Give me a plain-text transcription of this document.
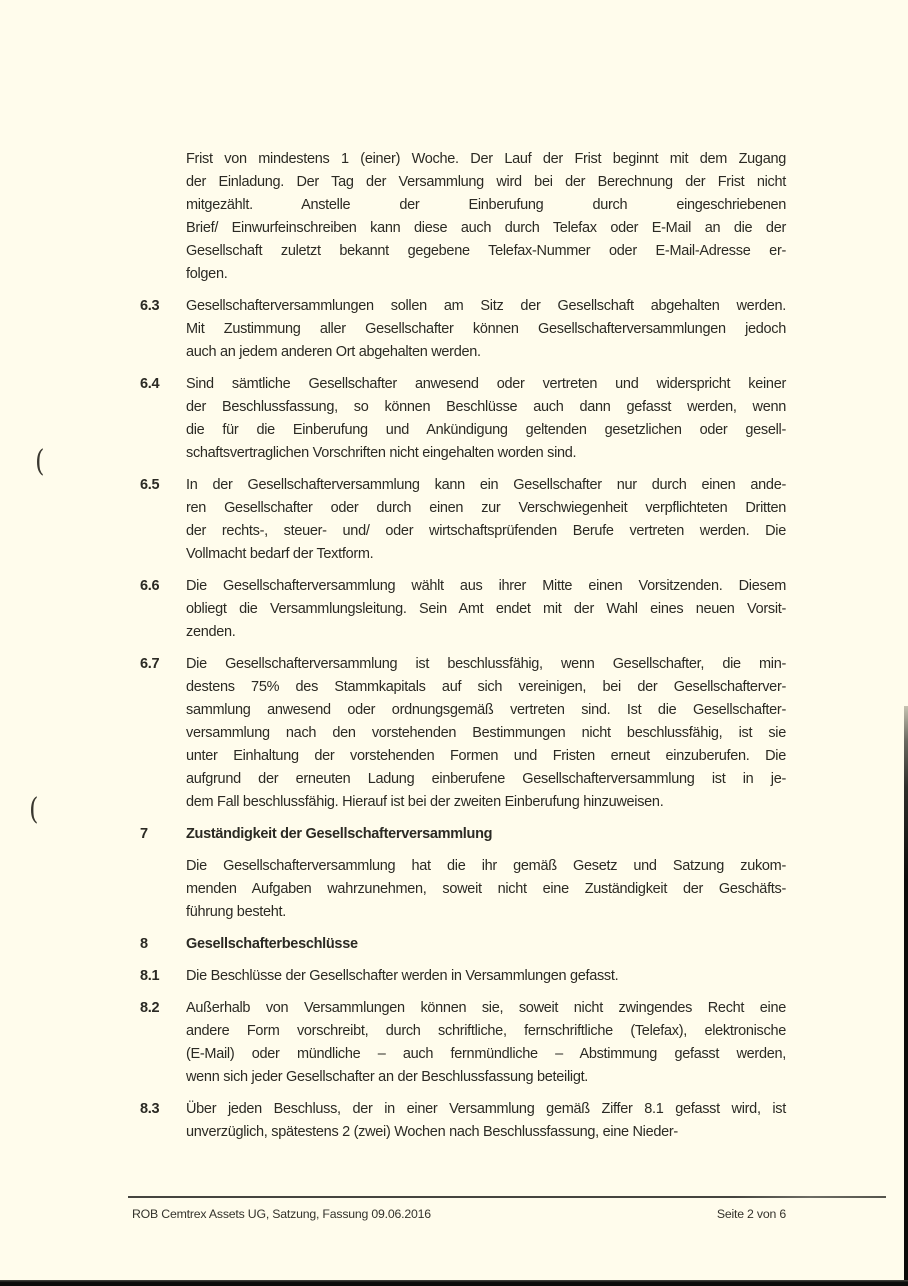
(
(
Frist von mindestens 1 (einer) Woche. Der Lauf der Frist beginnt mit dem Zugang
der Einladung. Der Tag der Versammlung wird bei der Berechnung der Frist nicht
mitgezählt. Anstelle der Einberufung durch eingeschriebenen
Brief/ Einwurfeinschreiben kann diese auch durch Telefax oder E-Mail an die der
Gesellschaft zuletzt bekannt gegebene Telefax-Nummer oder E-Mail-Adresse er-
folgen.
6.3	Gesellschafterversammlungen sollen am Sitz der Gesellschaft abgehalten werden.
Mit Zustimmung aller Gesellschafter können Gesellschafterversammlungen jedoch
auch an jedem anderen Ort abgehalten werden.
6.4	Sind sämtliche Gesellschafter anwesend oder vertreten und widerspricht keiner
der Beschlussfassung, so können Beschlüsse auch dann gefasst werden, wenn
die für die Einberufung und Ankündigung geltenden gesetzlichen oder gesell-
schaftsvertraglichen Vorschriften nicht eingehalten worden sind.
6.5	In der Gesellschafterversammlung kann ein Gesellschafter nur durch einen ande-
ren Gesellschafter oder durch einen zur Verschwiegenheit verpflichteten Dritten
der rechts-, steuer- und/ oder wirtschaftsprüfenden Berufe vertreten werden. Die
Vollmacht bedarf der Textform.
6.6	Die Gesellschafterversammlung wählt aus ihrer Mitte einen Vorsitzenden. Diesem
obliegt die Versammlungsleitung. Sein Amt endet mit der Wahl eines neuen Vorsit-
zenden.
6.7	Die Gesellschafterversammlung ist beschlussfähig, wenn Gesellschafter, die min-
destens 75% des Stammkapitals auf sich vereinigen, bei der Gesellschafterver-
sammlung anwesend oder ordnungsgemäß vertreten sind. Ist die Gesellschafter-
versammlung nach den vorstehenden Bestimmungen nicht beschlussfähig, ist sie
unter Einhaltung der vorstehenden Formen und Fristen erneut einzuberufen. Die
aufgrund der erneuten Ladung einberufene Gesellschafterversammlung ist in je-
dem Fall beschlussfähig. Hierauf ist bei der zweiten Einberufung hinzuweisen.
7	Zuständigkeit der Gesellschafterversammlung
Die Gesellschafterversammlung hat die ihr gemäß Gesetz und Satzung zukom-
menden Aufgaben wahrzunehmen, soweit nicht eine Zuständigkeit der Geschäfts-
führung besteht.
8	Gesellschafterbeschlüsse
8.1	Die Beschlüsse der Gesellschafter werden in Versammlungen gefasst.
8.2	Außerhalb von Versammlungen können sie, soweit nicht zwingendes Recht eine
andere Form vorschreibt, durch schriftliche, fernschriftliche (Telefax), elektronische
(E-Mail) oder mündliche – auch fernmündliche – Abstimmung gefasst werden,
wenn sich jeder Gesellschafter an der Beschlussfassung beteiligt.
8.3	Über jeden Beschluss, der in einer Versammlung gemäß Ziffer 8.1 gefasst wird, ist
unverzüglich, spätestens 2 (zwei) Wochen nach Beschlussfassung, eine Nieder-
ROB Cemtrex Assets UG, Satzung, Fassung 09.06.2016	Seite 2 von 6
